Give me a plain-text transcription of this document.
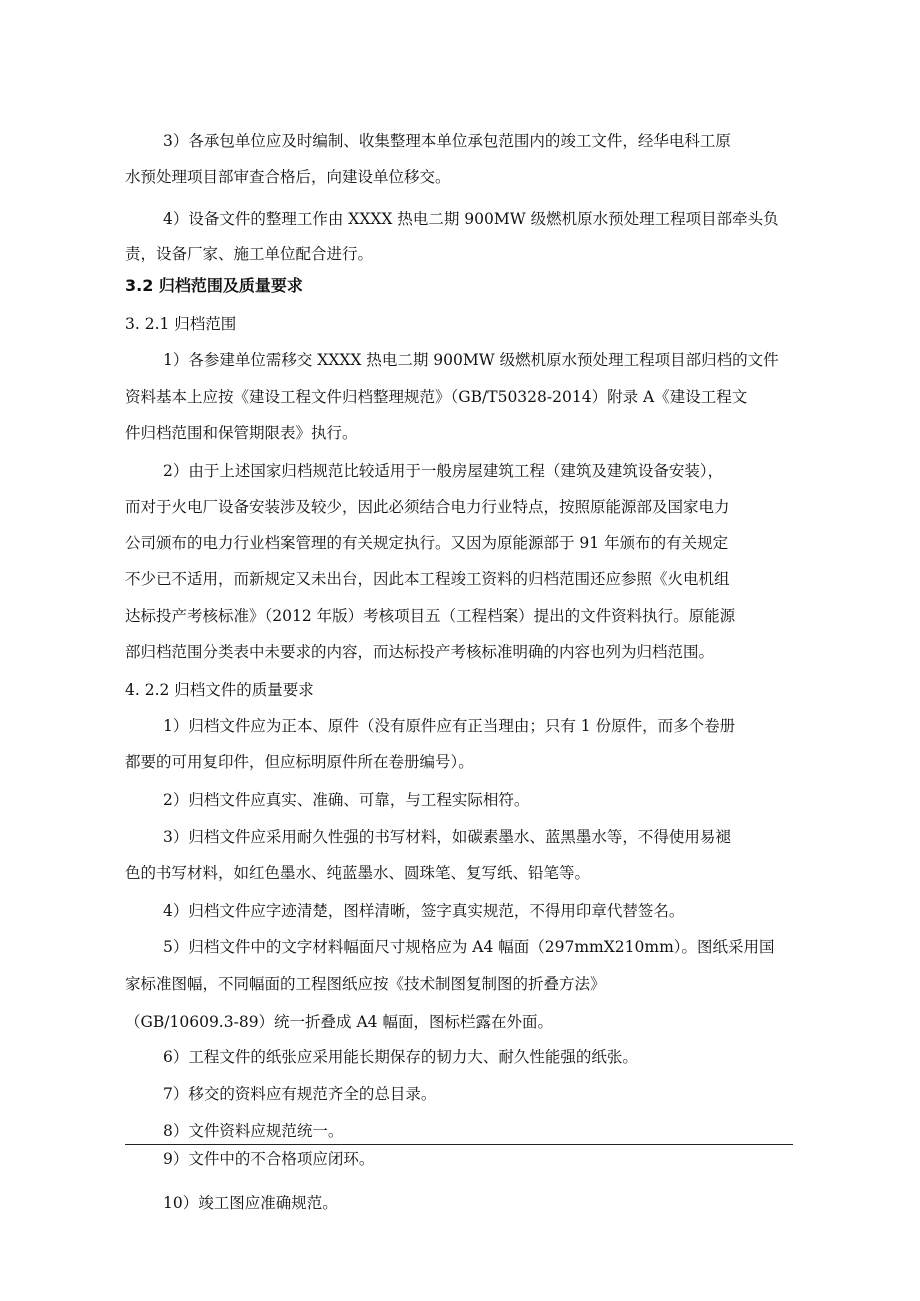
3）各承包单位应及时编制、收集整理本单位承包范围内的竣工文件，经华电科工原
水预处理项目部审查合格后，向建设单位移交。
4）设备文件的整理工作由 XXXX 热电二期 900MW 级燃机原水预处理工程项目部牵头负
责，设备厂家、施工单位配合进行。
3.2 归档范围及质量要求
3. 2.1 归档范围
1）各参建单位需移交 XXXX 热电二期 900MW 级燃机原水预处理工程项目部归档的文件
资料基本上应按《建设工程文件归档整理规范》（GB/T50328-2014）附录 A《建设工程文
件归档范围和保管期限表》执行。
2）由于上述国家归档规范比较适用于一般房屋建筑工程（建筑及建筑设备安装），
而对于火电厂设备安装涉及较少，因此必须结合电力行业特点，按照原能源部及国家电力
公司颁布的电力行业档案管理的有关规定执行。又因为原能源部于 91 年颁布的有关规定
不少已不适用，而新规定又未出台，因此本工程竣工资料的归档范围还应参照《火电机组
达标投产考核标准》（2012 年版）考核项目五（工程档案）提出的文件资料执行。原能源
部归档范围分类表中未要求的内容，而达标投产考核标准明确的内容也列为归档范围。
4. 2.2 归档文件的质量要求
1）归档文件应为正本、原件（没有原件应有正当理由；只有 1 份原件，而多个卷册
都要的可用复印件，但应标明原件所在卷册编号）。
2）归档文件应真实、准确、可靠，与工程实际相符。
3）归档文件应采用耐久性强的书写材料，如碳素墨水、蓝黑墨水等，不得使用易褪
色的书写材料，如红色墨水、纯蓝墨水、圆珠笔、复写纸、铅笔等。
4）归档文件应字迹清楚，图样清晰，签字真实规范，不得用印章代替签名。
5）归档文件中的文字材料幅面尺寸规格应为 A4 幅面（297mmX210mm）。图纸采用国
家标准图幅，不同幅面的工程图纸应按《技术制图复制图的折叠方法》
（GB/10609.3-89）统一折叠成 A4 幅面，图标栏露在外面。
6）工程文件的纸张应采用能长期保存的韧力大、耐久性能强的纸张。
7）移交的资料应有规范齐全的总目录。
8）文件资料应规范统一。
9）文件中的不合格项应闭环。
10）竣工图应准确规范。
